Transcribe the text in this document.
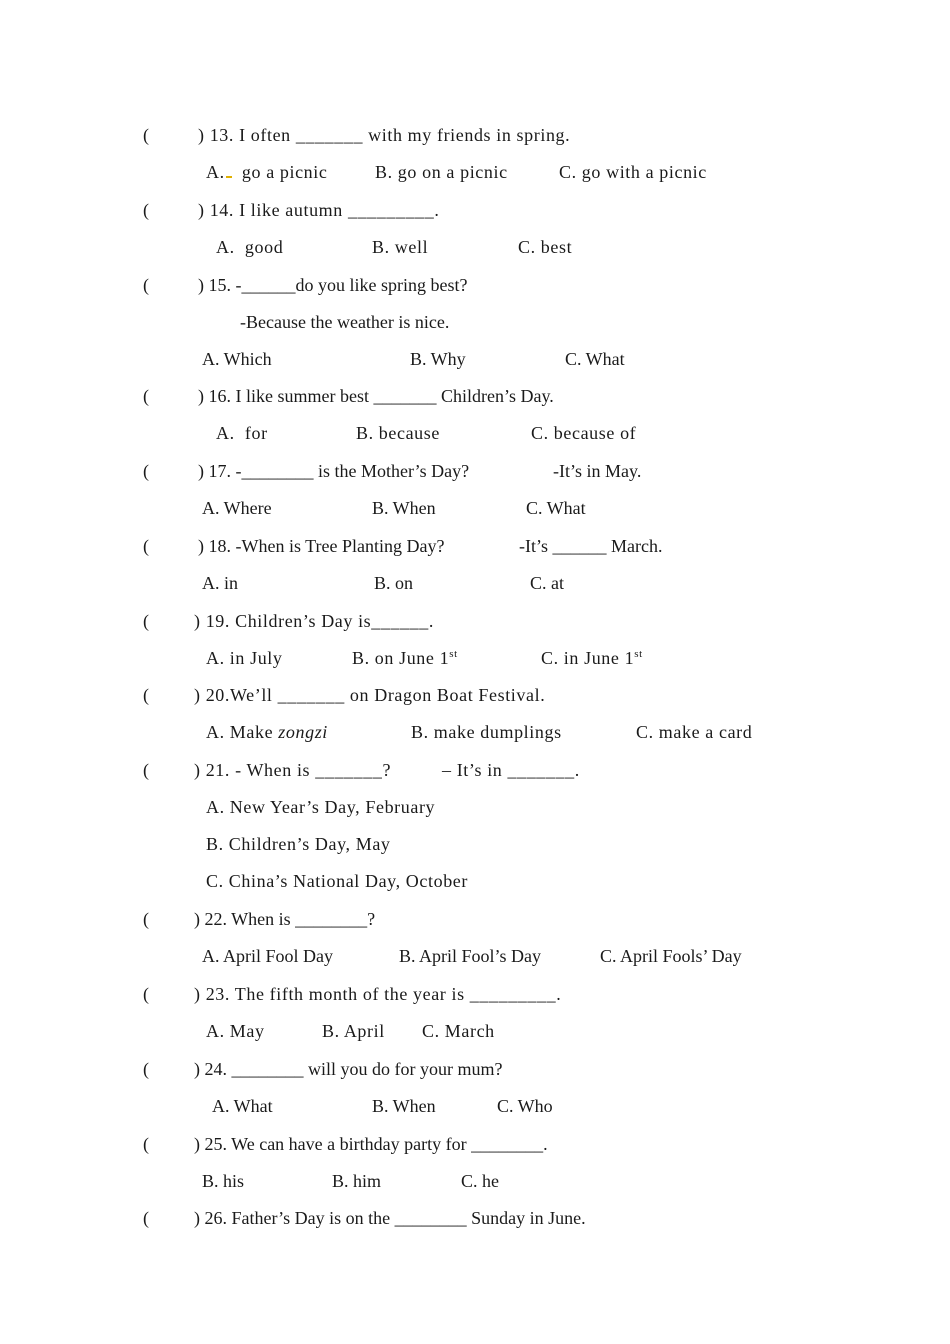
(	) 13. I often _______ with my friends in spring.
A. go a picnic	B. go on a picnic	C. go with a picnic
(	) 14. I like autumn _________.
A.  good	B. well	C. best
(	) 15. -______do you like spring best?
-Because the weather is nice.
A. Which	B. Why	C. What
(	) 16. I like summer best _______ Children’s Day.
A.  for	B. because	C. because of
(	) 17. -________ is the Mother’s Day?	-It’s in May.
A. Where	B. When	C. What
(	) 18. -When is Tree Planting Day?	-It’s ______ March.
A. in	B. on	C. at
(	) 19. Children’s Day is______.
A. in July	B. on June 1st	C. in June 1st
(	) 20.We’ll _______ on Dragon Boat Festival.
A. Make zongzi	B. make dumplings	C. make a card
(	) 21. - When is _______?	– It’s in _______.
A. New Year’s Day, February
B. Children’s Day, May
C. China’s National Day, October
(	) 22. When is ________?
A. April Fool Day	B. April Fool’s Day	C. April Fools’ Day
(	) 23. The fifth month of the year is _________.
A. May	B. April C. March
(	) 24. ________ will you do for your mum?
A. What	B. When	C. Who
(	) 25. We can have a birthday party for ________.
B. his	B. him	C. he
(	) 26. Father’s Day is on the ________ Sunday in June.
